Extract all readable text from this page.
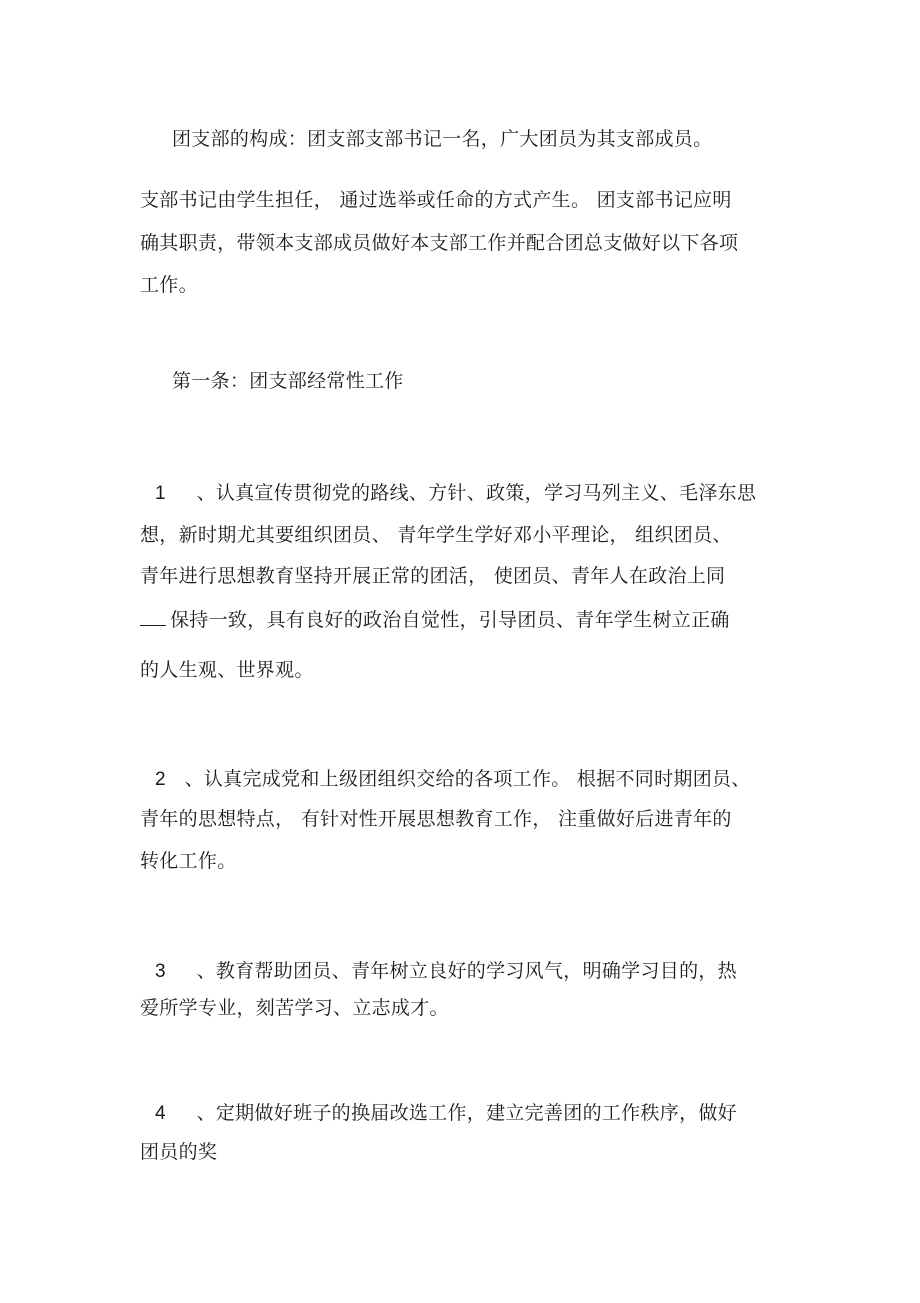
团支部的构成：团支部支部书记一名，广大团员为其支部成员。
支部书记由学生担任， 通过选举或任命的方式产生。 团支部书记应明
确其职责，带领本支部成员做好本支部工作并配合团总支做好以下各项
工作。
第一条：团支部经常性工作
1 、认真宣传贯彻党的路线、方针、政策，学习马列主义、毛泽东思
想，新时期尤其要组织团员、 青年学生学好邓小平理论， 组织团员、
青年进行思想教育坚持开展正常的团活， 使团员、青年人在政治上同
保持一致，具有良好的政治自觉性，引导团员、青年学生树立正确
的人生观、世界观。
2 、认真完成党和上级团组织交给的各项工作。 根据不同时期团员、
青年的思想特点， 有针对性开展思想教育工作， 注重做好后进青年的
转化工作。
3 、教育帮助团员、青年树立良好的学习风气，明确学习目的，热
爱所学专业，刻苦学习、立志成才。
4 、定期做好班子的换届改选工作，建立完善团的工作秩序，做好
团员的奖
